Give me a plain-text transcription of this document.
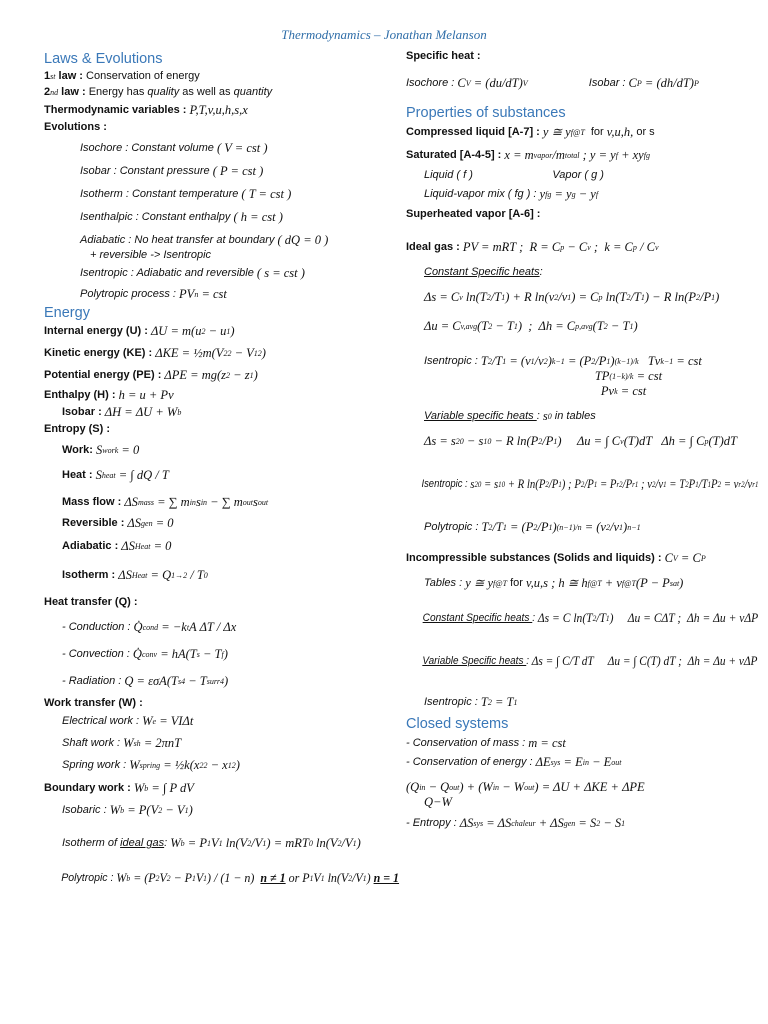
Thermodynamics – Jonathan Melanson
Laws & Evolutions
1 st law : Conservation of energy
2 nd law : Energy has quality as well as quantity
Thermodynamic variables : P,T,v,u,h,s,x
Evolutions :
Isochore : Constant volume ( V = cst )
Isobar : Constant pressure ( P = cst )
Isotherm : Constant temperature ( T = cst )
Isenthalpic : Constant enthalpy ( h = cst )
Adiabatic : No heat transfer at boundary ( dQ = 0 )
+ reversible -> Isentropic
Isentropic : Adiabatic and reversible ( s = cst )
Polytropic process : PV n = cst
Energy
Internal energy (U) : ΔU = m(u 2 − u 1 )
Kinetic energy (KE) : ΔKE = ½m(V 2 2 − V 1 2 )
Potential energy (PE) : ΔPE = mg(z 2 − z 1 )
Enthalpy (H) : h = u + Pv
Isobar : ΔH = ΔU + W b
Entropy (S) :
Work: S work = 0
Heat : S heat = ∫ dQ / T
Mass flow : ΔS mass = ∑ m in s in − ∑ m out s out
Reversible : ΔS gen = 0
Adiabatic : ΔS Heat = 0
Isotherm : ΔS Heat = Q 1→2 / T 0
Heat transfer (Q) :
- Conduction : Q̇ cond = −k t A ΔT / Δx
- Convection : Q̇ conv = hA(T s − T f )
- Radiation : Q = εσA(T s 4 − T surr 4 )
Work transfer (W) :
Electrical work : W e = VIΔt
Shaft work : W sh = 2πnT
Spring work : W spring = ½k(x 2 2 − x 1 2 )
Boundary work : W b = ∫ P dV
Isobaric : W b = P(V 2 − V 1 )
Isotherm of ideal gas : W b = P 1 V 1 ln(V 2 /V 1 ) = mRT 0 ln(V 2 /V 1 )
Polytropic : W b = (P 2 V 2 − P 1 V 1 ) / (1 − n) n ≠ 1 or P 1 V 1 ln(V 2 /V 1 ) n = 1
Specific heat :
Isochore : C V = (du/dT) V
	Isobar : C P = (dh/dT) P
Properties of substances
Compressed liquid [A-7] : y ≅ y f@T for v,u,h, or s
Saturated [A-4-5] : x = m vapor /m total ; y = y f + xy fg
Liquid ( f )                          Vapor ( g )
Liquid-vapor mix ( fg ) : y fg = y g − y f
Superheated vapor [A-6] :
Ideal gas : PV = mRT ;  R = C p − C v ;  k = C p / C v
Constant Specific heats :
Δs = C v ln(T 2 /T 1 ) + R ln(v 2 /v 1 ) = C p ln(T 2 /T 1 ) − R ln(P 2 /P 1 )
Δu = C v,avg (T 2 − T 1 )  ;  Δh = C p,avg (T 2 − T 1 )
Isentropic : T 2 /T 1 = (v 1 /v 2 ) k−1 = (P 2 /P 1 ) (k−1)/k
Tv k−1 = cst

TP (1−k)/k = cst

Pv k = cst
Variable specific heats : s 0 in tables
Δs = s 2 0 − s 1 0 − R ln(P 2 /P 1 )     Δu = ∫ C v (T)dT   Δh = ∫ C p (T)dT
Isentropic : s 2 0 = s 1 0 + R ln(P 2 /P 1 ) ; P 2 /P 1 = P r2 /P r1 ; v 2 /v 1 = T 2 P 1 /T 1 P 2 = v r2 /v r1
Polytropic : T 2 /T 1 = (P 2 /P 1 ) (n−1)/n = (v 2 /v 1 ) n−1
Incompressible substances (Solids and liquids) : C V = C P
Tables : y ≅ y f@T for v,u,s ; h ≅ h f@T + v f@T (P − P sat )
Constant Specific heats : Δs = C ln(T 2 /T 1 )     Δu = CΔT ;  Δh = Δu + vΔP
Variable Specific heats : Δs = ∫ C/T dT     Δu = ∫ C(T) dT ;  Δh = Δu + vΔP
Isentropic : T 2 = T 1
Closed systems
- Conservation of mass : m = cst
- Conservation of energy : ΔE sys = E in − E out
(Q in − Q out ) + (W in − W out ) = ΔU + ΔKE + ΔPE
Q−W
- Entropy : ΔS sys = ΔS chaleur + ΔS gen = S 2 − S 1
